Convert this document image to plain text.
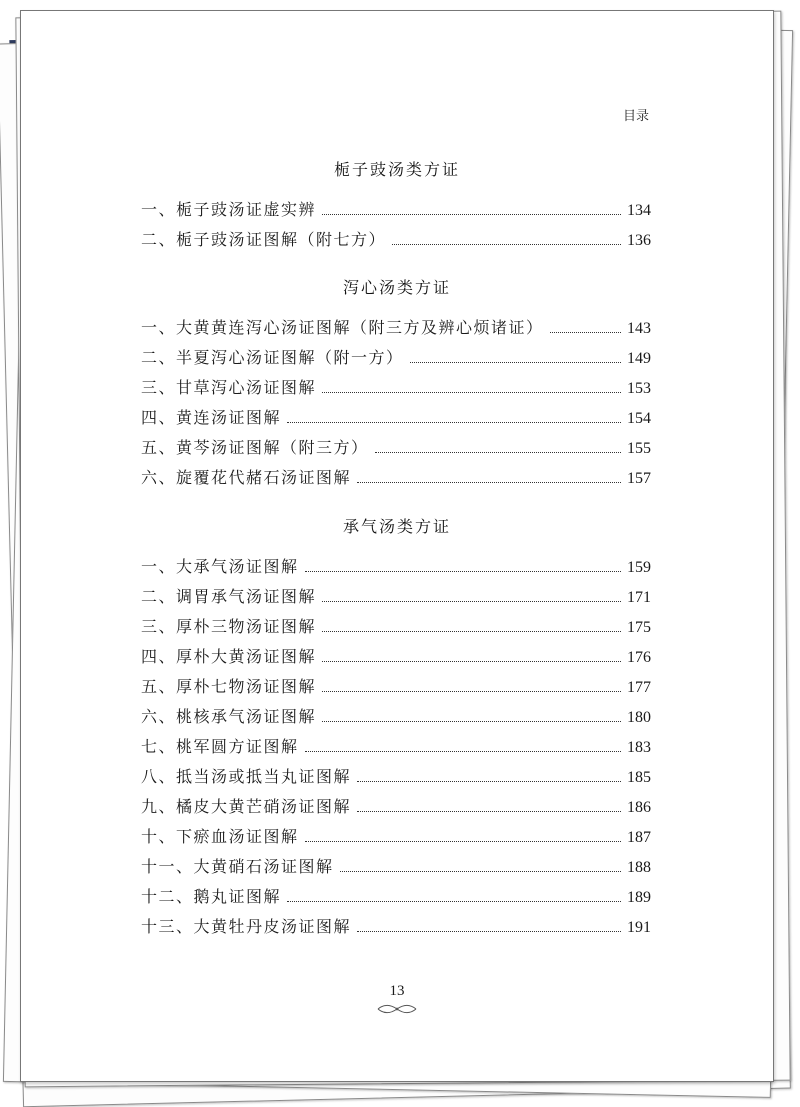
目录
栀子豉汤类方证
一、栀子豉汤证虚实辨	134
二、栀子豉汤证图解（附七方）	136
泻心汤类方证
一、大黄黄连泻心汤证图解（附三方及辨心烦诸证）	143
二、半夏泻心汤证图解（附一方）	149
三、甘草泻心汤证图解	153
四、黄连汤证图解	154
五、黄芩汤证图解（附三方）	155
六、旋覆花代赭石汤证图解	157
承气汤类方证
一、大承气汤证图解	159
二、调胃承气汤证图解	171
三、厚朴三物汤证图解	175
四、厚朴大黄汤证图解	176
五、厚朴七物汤证图解	177
六、桃核承气汤证图解	180
七、桃军圆方证图解	183
八、抵当汤或抵当丸证图解	185
九、橘皮大黄芒硝汤证图解	186
十、下瘀血汤证图解	187
十一、大黄硝石汤证图解	188
十二、鹅丸证图解	189
十三、大黄牡丹皮汤证图解	191
13
